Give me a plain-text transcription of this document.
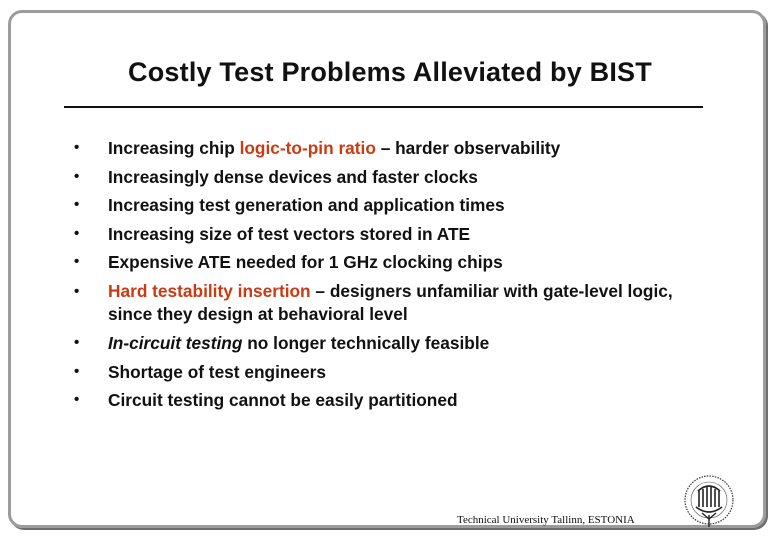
Costly Test Problems Alleviated by BIST
• Increasing chip logic-to-pin ratio – harder observability
• Increasingly dense devices and faster clocks
• Increasing test generation and application times
• Increasing size of test vectors stored in ATE
• Expensive ATE needed for 1 GHz clocking chips
• Hard testability insertion – designers unfamiliar with gate-level logic, since they design at behavioral level
• In-circuit testing no longer technically feasible
• Shortage of test engineers
• Circuit testing cannot be easily partitioned
Technical University Tallinn, ESTONIA
